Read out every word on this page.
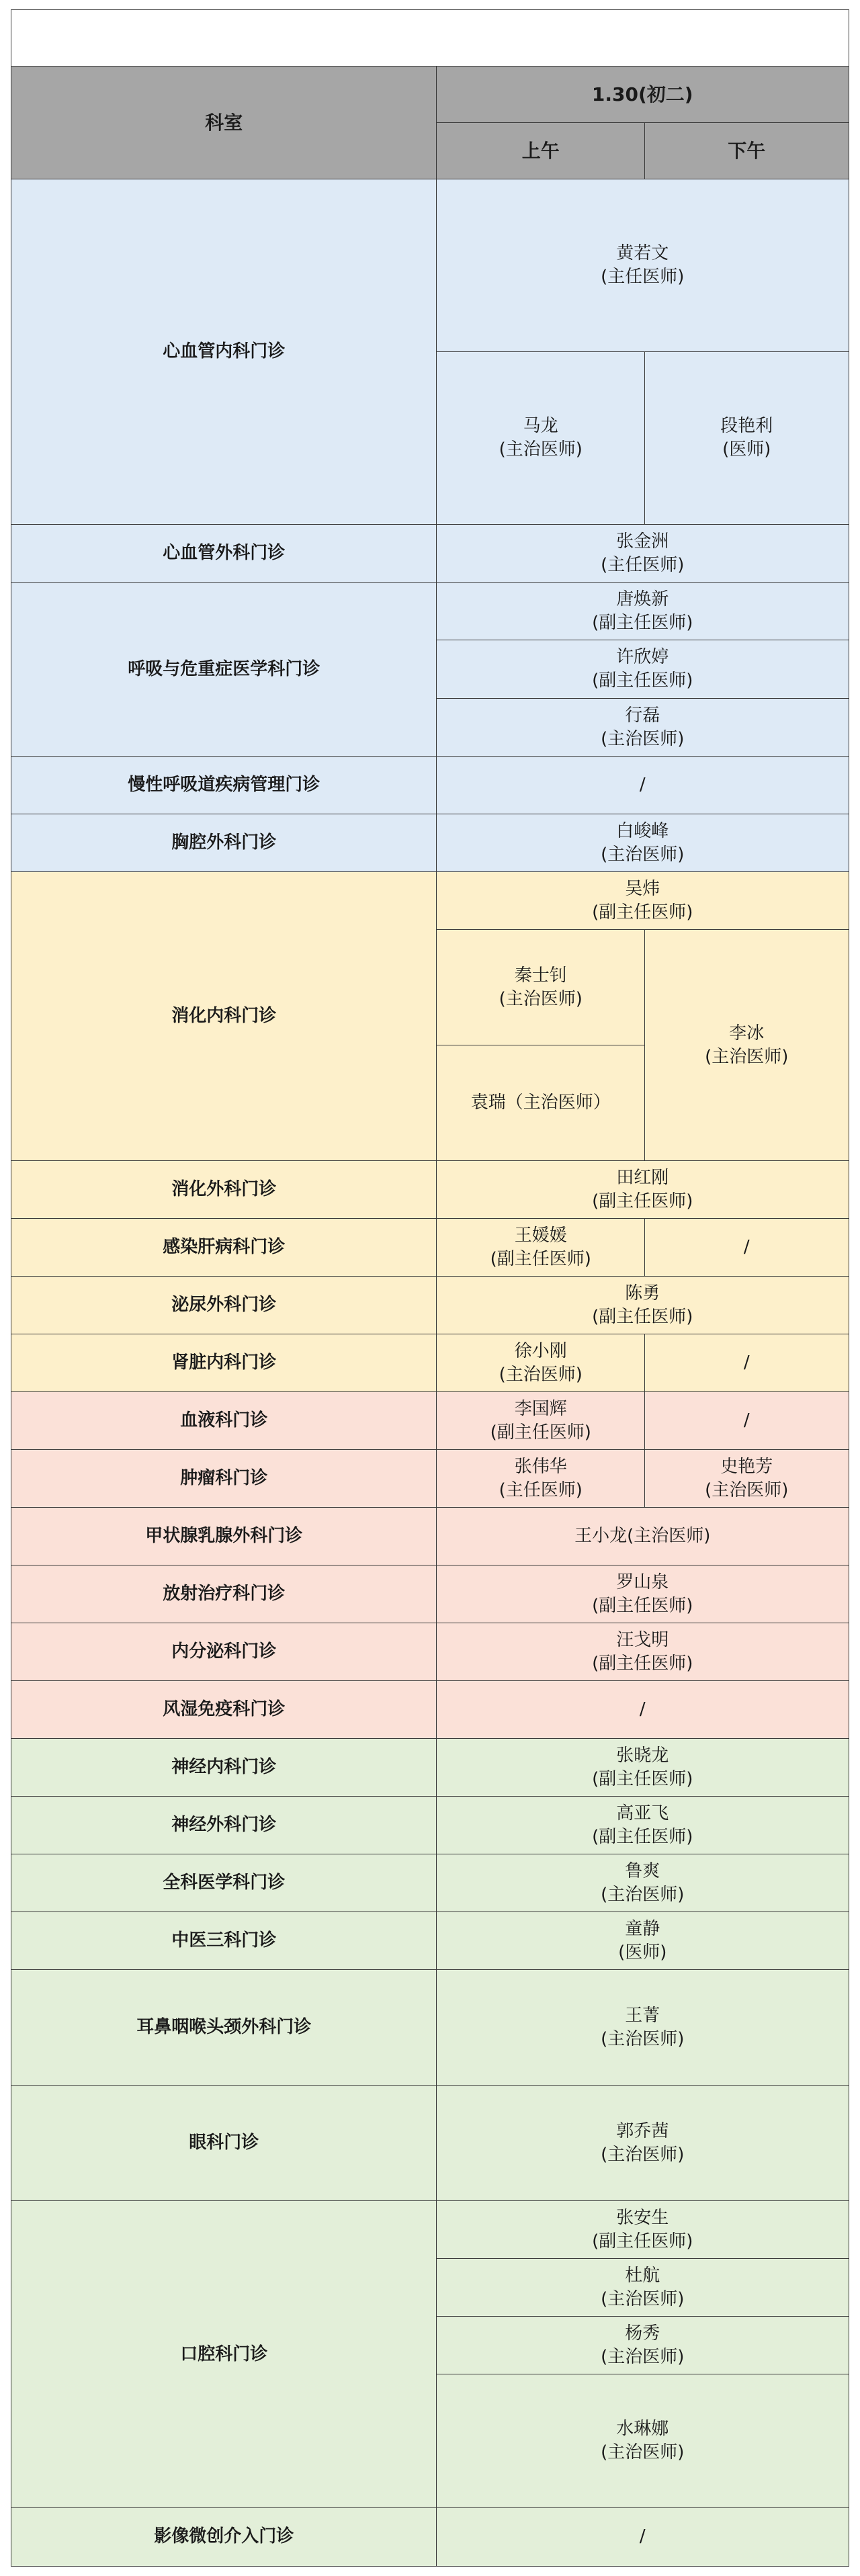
科室
1.30(初二)
上午	下午
心血管内科门诊
心血管外科门诊
呼吸与危重症医学科门诊
慢性呼吸道疾病管理门诊
胸腔外科门诊
消化内科门诊
消化外科门诊
感染肝病科门诊
泌尿外科门诊
肾脏内科门诊
血液科门诊
肿瘤科门诊
甲状腺乳腺外科门诊
放射治疗科门诊
内分泌科门诊
风湿免疫科门诊
神经内科门诊
神经外科门诊
全科医学科门诊
中医三科门诊
耳鼻咽喉头颈外科门诊
眼科门诊
口腔科门诊
影像微创介入门诊
黄若文
(主任医师)
马龙
(主治医师)
段艳利
(医师)
张金洲
(主任医师)
唐焕新
(副主任医师)
许欣婷
(副主任医师)
行磊
(主治医师)
/
白峻峰
(主治医师)
吴炜
(副主任医师)
秦士钊
(主治医师)
袁瑞（主治医师）
李冰
(主治医师)
田红刚
(副主任医师)
王媛媛
(副主任医师)
/
陈勇
(副主任医师)
徐小刚
(主治医师)
/
李国辉
(副主任医师)
/
张伟华
(主任医师)
史艳芳
(主治医师)
王小龙(主治医师)
罗山泉
(副主任医师)
汪戈明
(副主任医师)
/
张晓龙
(副主任医师)
高亚飞
(副主任医师)
鲁爽
(主治医师)
童静
(医师)
王菁
(主治医师)
郭乔茜
(主治医师)
张安生
(副主任医师)
杜航
(主治医师)
杨秀
(主治医师)
水琳娜
(主治医师)
/
